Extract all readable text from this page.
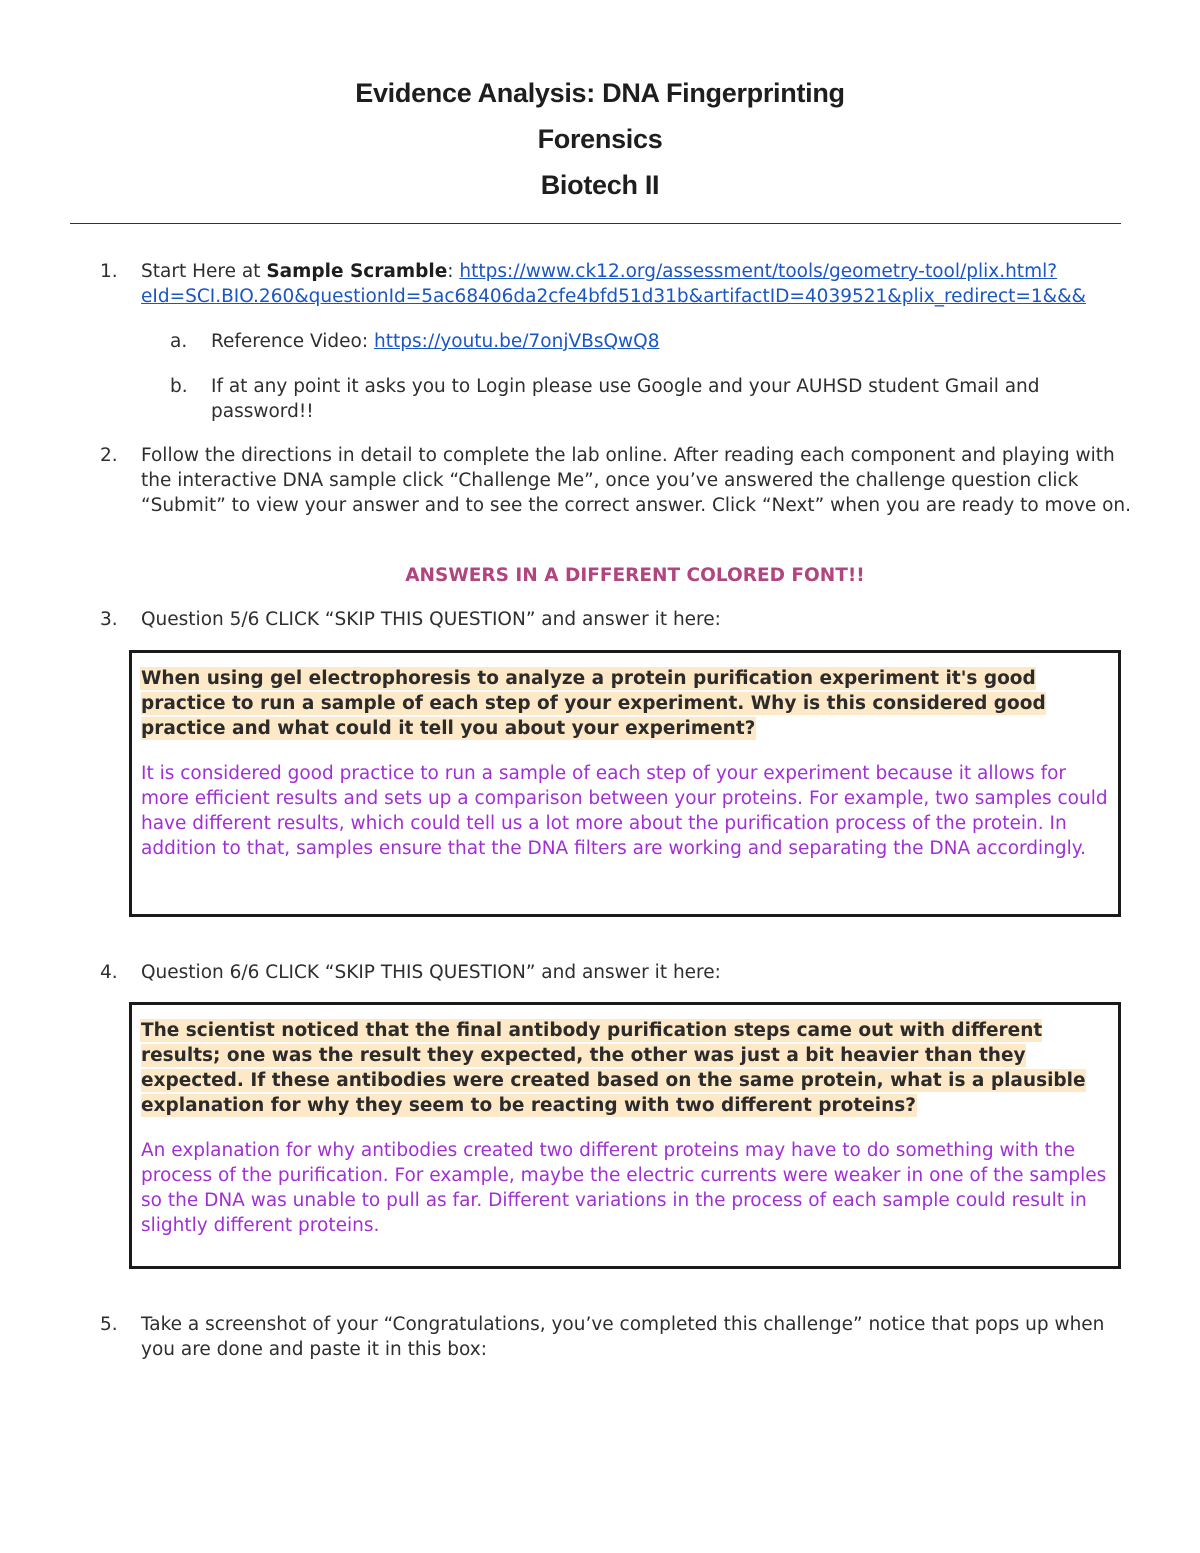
Evidence Analysis: DNA Fingerprinting
Forensics
Biotech II
1. Start Here at Sample Scramble: https://www.ck12.org/assessment/tools/geometry-tool/plix.html?
eId=SCI.BIO.260&questionId=5ac68406da2cfe4bfd51d31b&artifactID=4039521&plix_redirect=1&&&
a. Reference Video: https://youtu.be/7onjVBsQwQ8
b. If at any point it asks you to Login please use Google and your AUHSD student Gmail and password!!
2. Follow the directions in detail to complete the lab online. After reading each component and playing with the interactive DNA sample click “Challenge Me”, once you’ve answered the challenge question click “Submit” to view your answer and to see the correct answer. Click “Next” when you are ready to move on.
ANSWERS IN A DIFFERENT COLORED FONT!!
3. Question 5/6 CLICK “SKIP THIS QUESTION” and answer it here:
When using gel electrophoresis to analyze a protein purification experiment it's good practice to run a sample of each step of your experiment. Why is this considered good practice and what could it tell you about your experiment?
It is considered good practice to run a sample of each step of your experiment because it allows for more efficient results and sets up a comparison between your proteins. For example, two samples could have different results, which could tell us a lot more about the purification process of the protein. In addition to that, samples ensure that the DNA filters are working and separating the DNA accordingly.
4. Question 6/6 CLICK “SKIP THIS QUESTION” and answer it here:
The scientist noticed that the final antibody purification steps came out with different results; one was the result they expected, the other was just a bit heavier than they expected. If these antibodies were created based on the same protein, what is a plausible explanation for why they seem to be reacting with two different proteins?
An explanation for why antibodies created two different proteins may have to do something with the process of the purification. For example, maybe the electric currents were weaker in one of the samples so the DNA was unable to pull as far. Different variations in the process of each sample could result in slightly different proteins.
5. Take a screenshot of your “Congratulations, you’ve completed this challenge” notice that pops up when you are done and paste it in this box:
